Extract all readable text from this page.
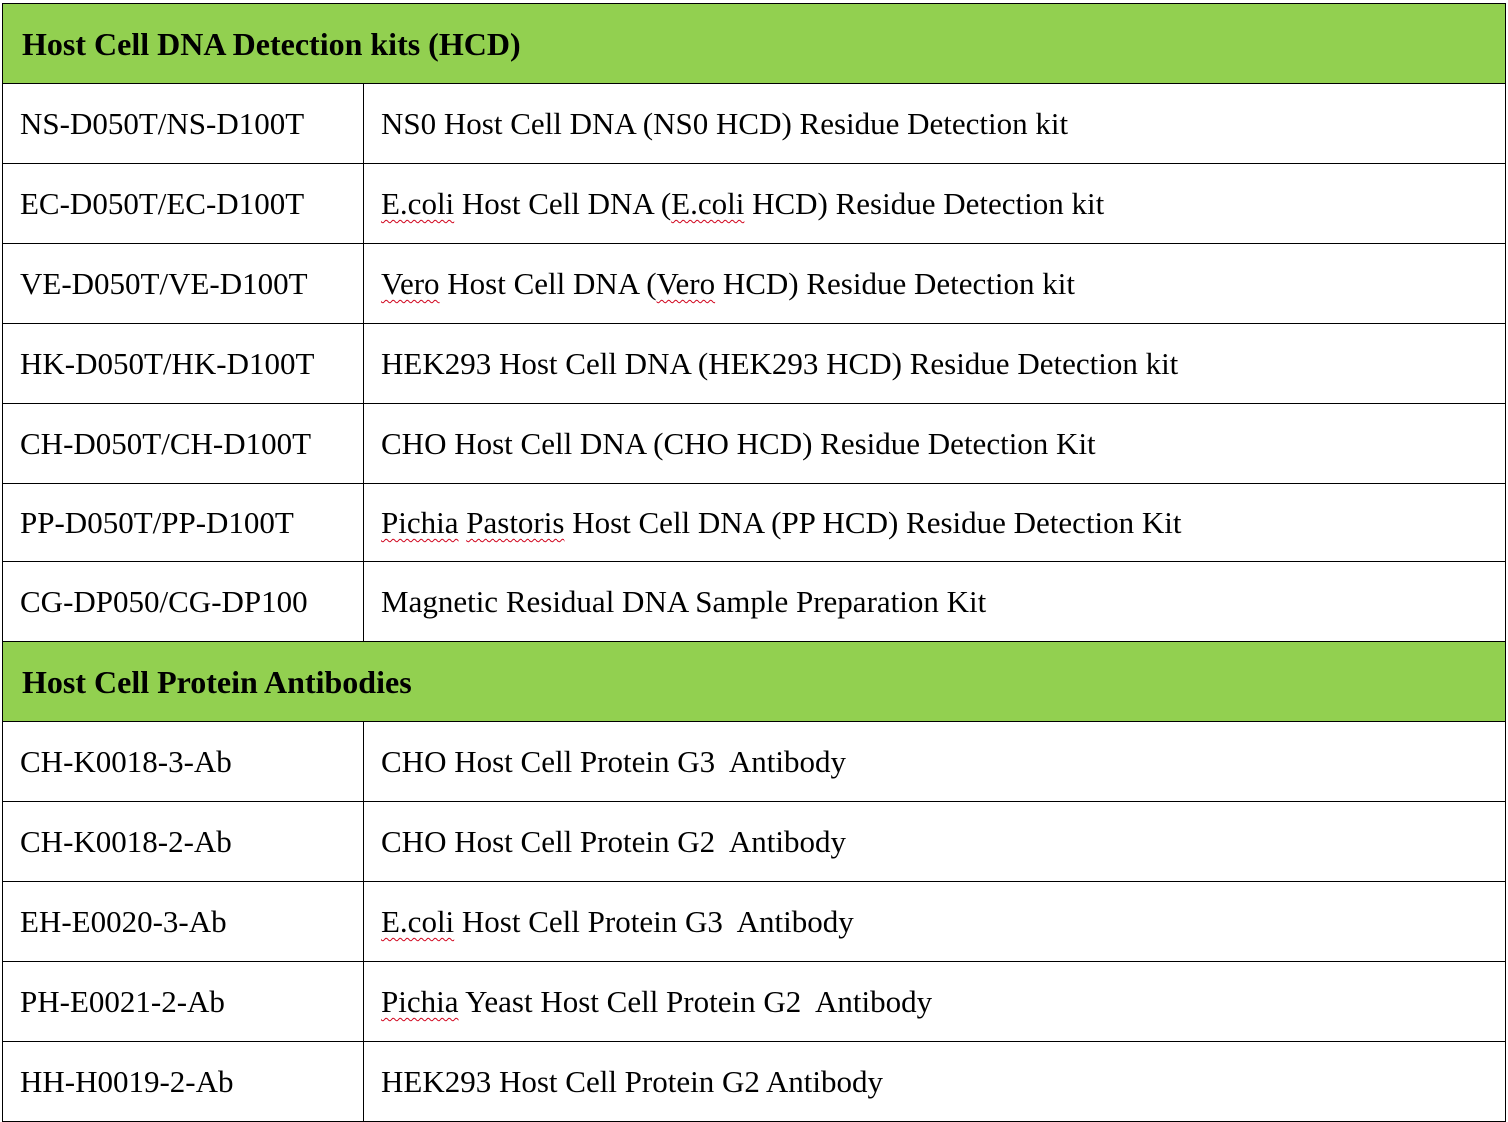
Host Cell DNA Detection kits (HCD)	
NS-D050T/NS-D100T	NS0 Host Cell DNA (NS0 HCD) Residue Detection kit
EC-D050T/EC-D100T	E.coli Host Cell DNA (E.coli HCD) Residue Detection kit
VE-D050T/VE-D100T	Vero Host Cell DNA (Vero HCD) Residue Detection kit
HK-D050T/HK-D100T	HEK293 Host Cell DNA (HEK293 HCD) Residue Detection kit
CH-D050T/CH-D100T	CHO Host Cell DNA (CHO HCD) Residue Detection Kit
PP-D050T/PP-D100T	Pichia Pastoris Host Cell DNA (PP HCD) Residue Detection Kit
CG-DP050/CG-DP100	Magnetic Residual DNA Sample Preparation Kit
Host Cell Protein Antibodies	
CH-K0018-3-Ab	CHO Host Cell Protein G3  Antibody
CH-K0018-2-Ab	CHO Host Cell Protein G2  Antibody
EH-E0020-3-Ab	E.coli Host Cell Protein G3  Antibody
PH-E0021-2-Ab	Pichia Yeast Host Cell Protein G2  Antibody
HH-H0019-2-Ab	HEK293 Host Cell Protein G2 Antibody
